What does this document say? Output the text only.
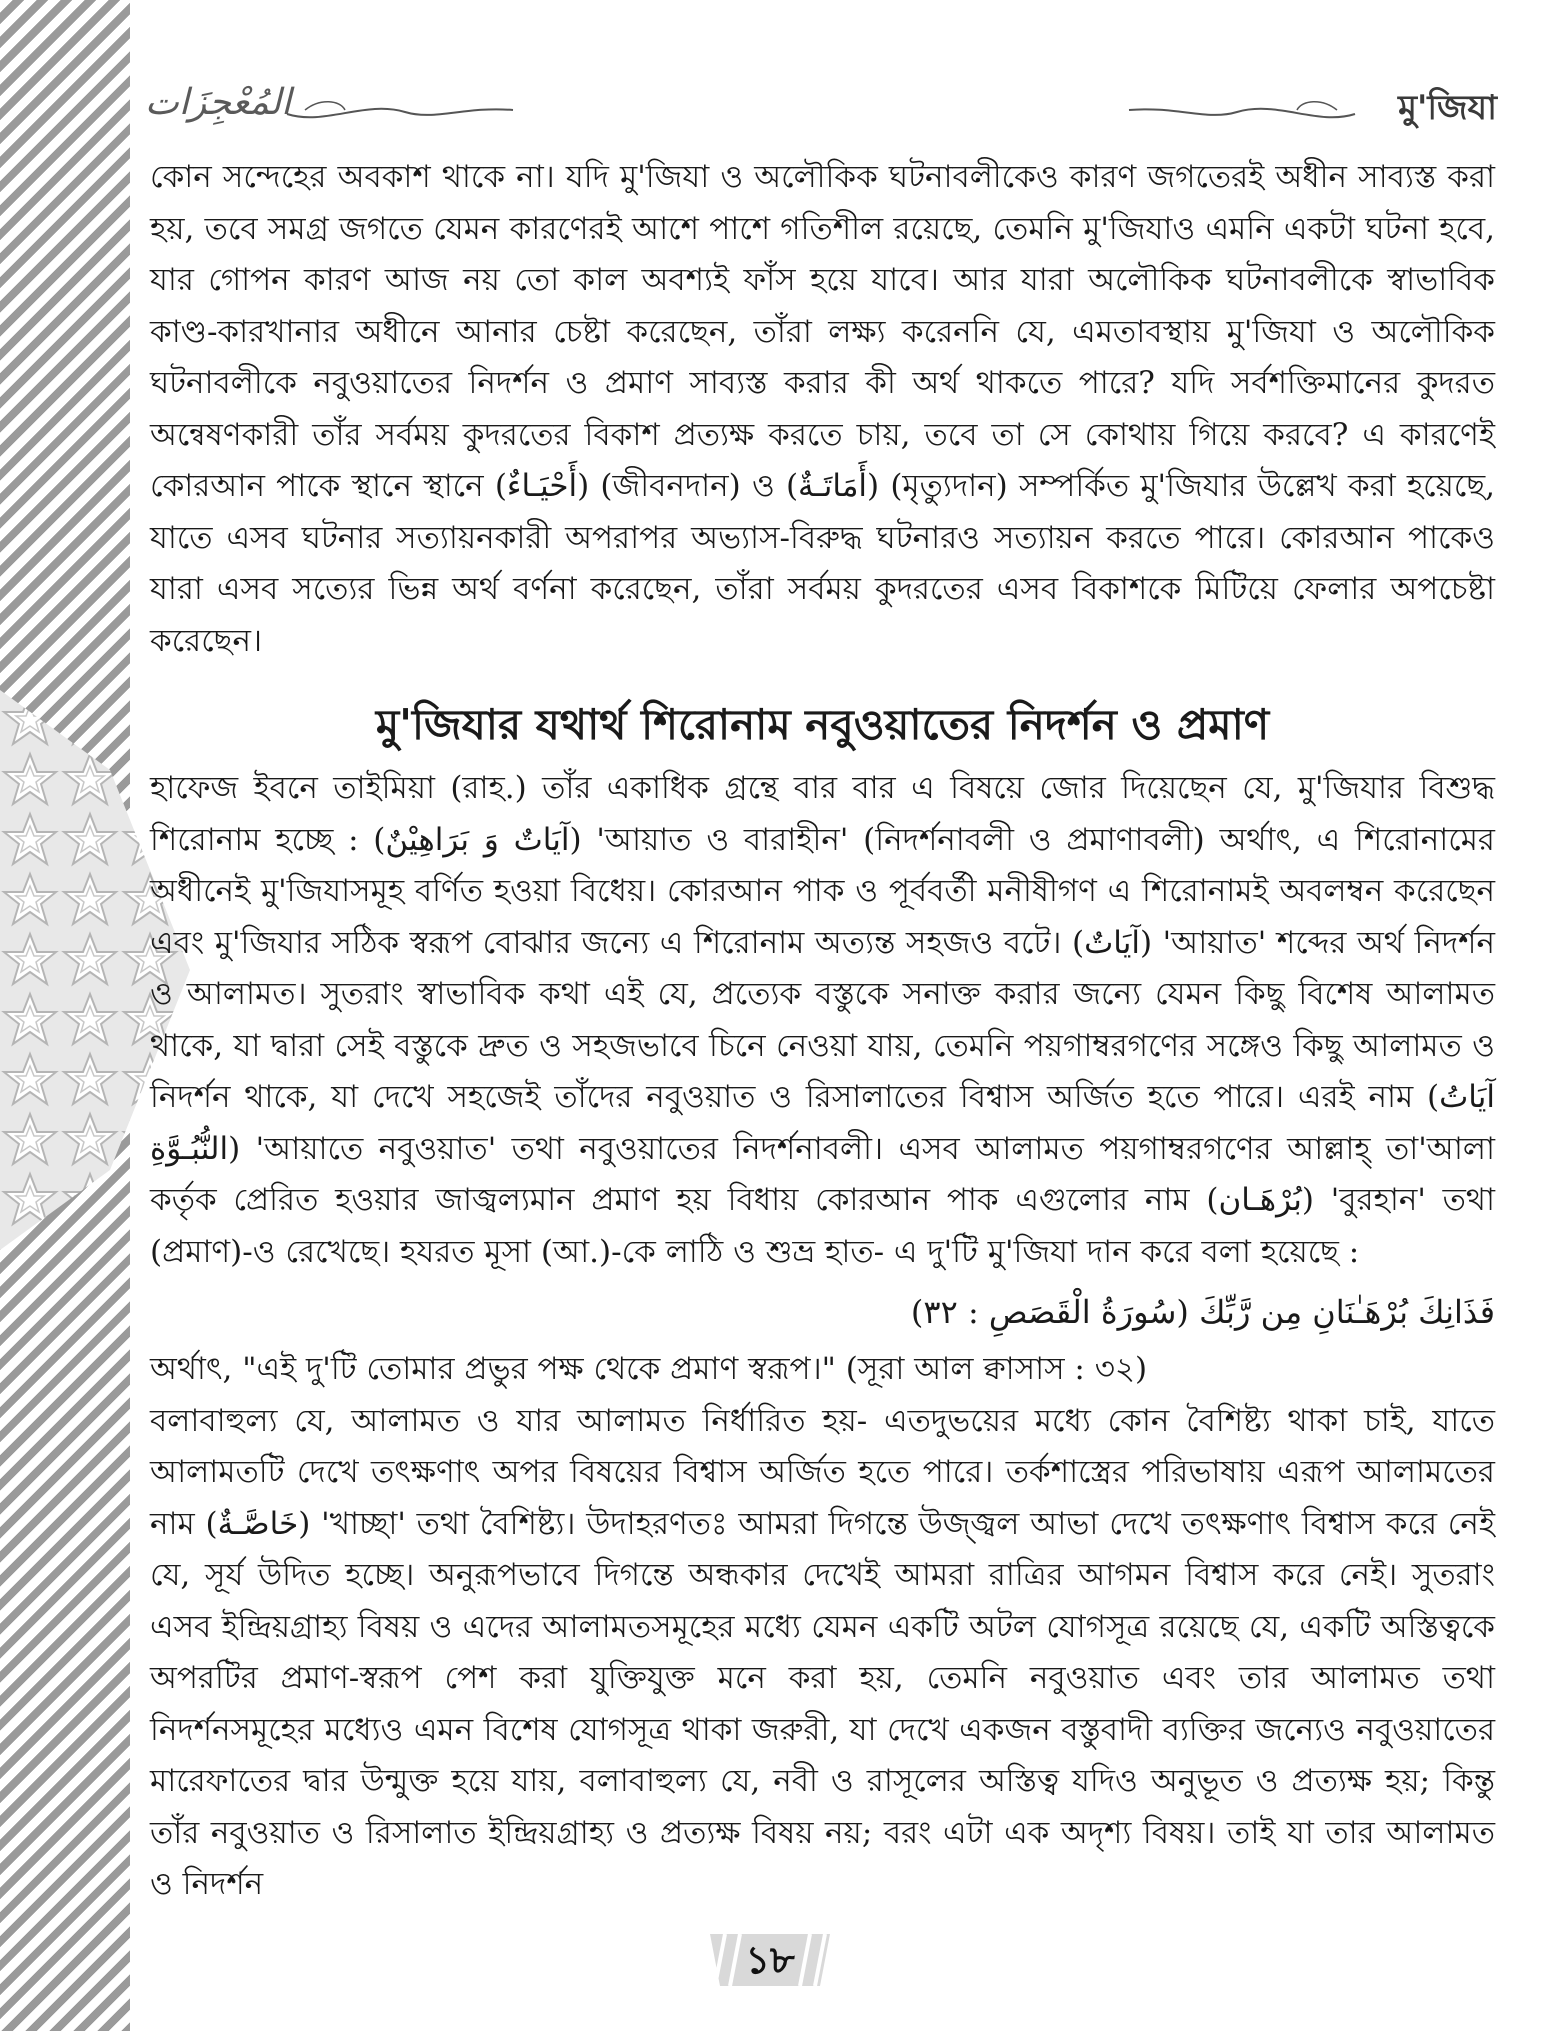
المُعْجِزَات	মু'জিযা

কোন সন্দেহের অবকাশ থাকে না। যদি মু'জিযা ও অলৌকিক ঘটনাবলীকেও কারণ জগতেরই অধীন সাব্যস্ত করা হয়, তবে সমগ্র জগতে যেমন কারণেরই আশে পাশে গতিশীল রয়েছে, তেমনি মু'জিযাও এমনি একটা ঘটনা হবে, যার গোপন কারণ আজ নয় তো কাল অবশ্যই ফাঁস হয়ে যাবে। আর যারা অলৌকিক ঘটনাবলীকে স্বাভাবিক কাণ্ড-কারখানার অধীনে আনার চেষ্টা করেছেন, তাঁরা লক্ষ্য করেননি যে, এমতাবস্থায় মু'জিযা ও অলৌকিক ঘটনাবলীকে নবুওয়াতের নিদর্শন ও প্রমাণ সাব্যস্ত করার কী অর্থ থাকতে পারে? যদি সর্বশক্তিমানের কুদরত অন্বেষণকারী তাঁর সর্বময় কুদরতের বিকাশ প্রত্যক্ষ করতে চায়, তবে তা সে কোথায় গিয়ে করবে? এ কারণেই কোরআন পাকে স্থানে স্থানে (أَحْيَـاءٌ) (জীবনদান) ও (أَمَاتَـةٌ) (মৃত্যুদান) সম্পর্কিত মু'জিযার উল্লেখ করা হয়েছে, যাতে এসব ঘটনার সত্যায়নকারী অপরাপর অভ্যাস-বিরুদ্ধ ঘটনারও সত্যায়ন করতে পারে। কোরআন পাকেও যারা এসব সত্যের ভিন্ন অর্থ বর্ণনা করেছেন, তাঁরা সর্বময় কুদরতের এসব বিকাশকে মিটিয়ে ফেলার অপচেষ্টা করেছেন।

মু'জিযার যথার্থ শিরোনাম নবুওয়াতের নিদর্শন ও প্রমাণ

হাফেজ ইবনে তাইমিয়া (রাহ.) তাঁর একাধিক গ্রন্থে বার বার এ বিষয়ে জোর দিয়েছেন যে, মু'জিযার বিশুদ্ধ শিরোনাম হচ্ছে : (آيَاتٌ وَ بَرَاهِيْنٌ) 'আয়াত ও বারাহীন' (নিদর্শনাবলী ও প্রমাণাবলী) অর্থাৎ, এ শিরোনামের অধীনেই মু'জিযাসমূহ বর্ণিত হওয়া বিধেয়। কোরআন পাক ও পূর্ববর্তী মনীষীগণ এ শিরোনামই অবলম্বন করেছেন এবং মু'জিযার সঠিক স্বরূপ বোঝার জন্যে এ শিরোনাম অত্যন্ত সহজও বটে। (آيَاتٌ) 'আয়াত' শব্দের অর্থ নিদর্শন ও আলামত। সুতরাং স্বাভাবিক কথা এই যে, প্রত্যেক বস্তুকে সনাক্ত করার জন্যে যেমন কিছু বিশেষ আলামত থাকে, যা দ্বারা সেই বস্তুকে দ্রুত ও সহজভাবে চিনে নেওয়া যায়, তেমনি পয়গাম্বরগণের সঙ্গেও কিছু আলামত ও নিদর্শন থাকে, যা দেখে সহজেই তাঁদের নবুওয়াত ও রিসালাতের বিশ্বাস অর্জিত হতে পারে। এরই নাম (آيَاتُ النُّبُـوَّةِ) 'আয়াতে নবুওয়াত' তথা নবুওয়াতের নিদর্শনাবলী। এসব আলামত পয়গাম্বরগণের আল্লাহ্ তা'আলা কর্তৃক প্রেরিত হওয়ার জাজ্বল্যমান প্রমাণ হয় বিধায় কোরআন পাক এগুলোর নাম (بُرْهَـان) 'বুরহান' তথা (প্রমাণ)-ও রেখেছে। হযরত মূসা (আ.)-কে লাঠি ও শুভ্র হাত- এ দু'টি মু'জিযা দান করে বলা হয়েছে :

فَذَانِكَ بُرْهَـٰنَانِ مِن رَّبِّكَ (سُورَةُ الْقَصَصِ : ٣٢)

অর্থাৎ, "এই দু'টি তোমার প্রভুর পক্ষ থেকে প্রমাণ স্বরূপ।" (সূরা আল ক্বাসাস : ৩২)

বলাবাহুল্য যে, আলামত ও যার আলামত নির্ধারিত হয়- এতদুভয়ের মধ্যে কোন বৈশিষ্ট্য থাকা চাই, যাতে আলামতটি দেখে তৎক্ষণাৎ অপর বিষয়ের বিশ্বাস অর্জিত হতে পারে। তর্কশাস্ত্রের পরিভাষায় এরূপ আলামতের নাম (خَاصَّـةٌ) 'খাচ্ছা' তথা বৈশিষ্ট্য। উদাহরণতঃ আমরা দিগন্তে উজ্জ্বল আভা দেখে তৎক্ষণাৎ বিশ্বাস করে নেই যে, সূর্য উদিত হচ্ছে। অনুরূপভাবে দিগন্তে অন্ধকার দেখেই আমরা রাত্রির আগমন বিশ্বাস করে নেই। সুতরাং এসব ইন্দ্রিয়গ্রাহ্য বিষয় ও এদের আলামতসমূহের মধ্যে যেমন একটি অটল যোগসূত্র রয়েছে যে, একটি অস্তিত্বকে অপরটির প্রমাণ-স্বরূপ পেশ করা যুক্তিযুক্ত মনে করা হয়, তেমনি নবুওয়াত এবং তার আলামত তথা নিদর্শনসমূহের মধ্যেও এমন বিশেষ যোগসূত্র থাকা জরুরী, যা দেখে একজন বস্তুবাদী ব্যক্তির জন্যেও নবুওয়াতের মারেফাতের দ্বার উন্মুক্ত হয়ে যায়, বলাবাহুল্য যে, নবী ও রাসূলের অস্তিত্ব যদিও অনুভূত ও প্রত্যক্ষ হয়; কিন্তু তাঁর নবুওয়াত ও রিসালাত ইন্দ্রিয়গ্রাহ্য ও প্রত্যক্ষ বিষয় নয়; বরং এটা এক অদৃশ্য বিষয়। তাই যা তার আলামত ও নিদর্শন

১৮
